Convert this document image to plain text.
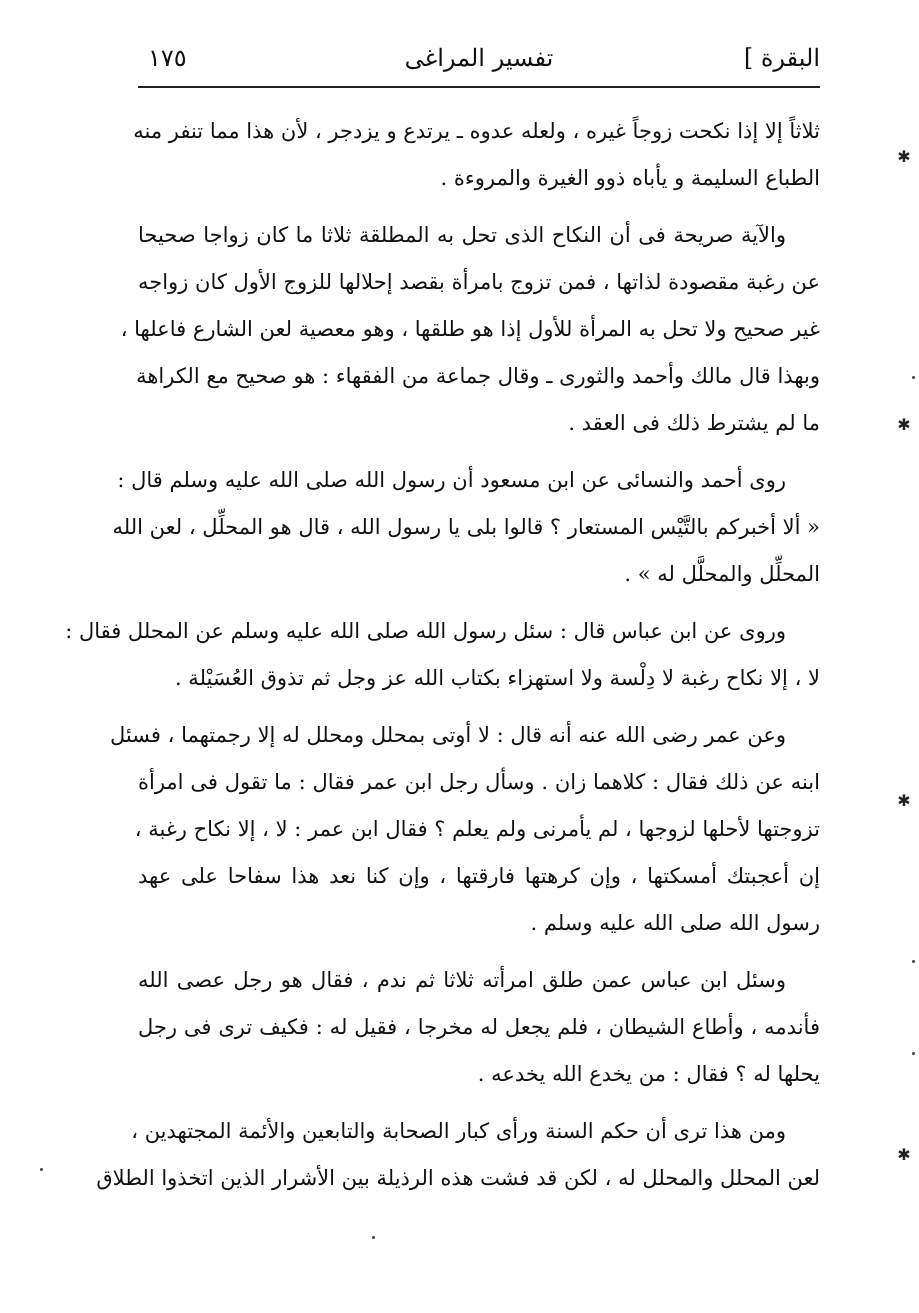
البقرة ]
تفسير المراغى
١٧٥
ثلاثاً إلا إذا نكحت زوجاً غيره ، ولعله عدوه ـ يرتدع و يزدجر ، لأن هذا مما تنفر منه
الطباع السليمة و يأباه ذوو الغيرة والمروءة .
والآية صريحة فى أن النكاح الذى تحل به المطلقة ثلاثا ما كان زواجا صحيحا
عن رغبة مقصودة لذاتها ، فمن تزوج بامرأة بقصد إحلالها للزوج الأول كان زواجه
غير صحيح ولا تحل به المرأة للأول إذا هو طلقها ، وهو معصية لعن الشارع فاعلها ،
وبهذا قال مالك وأحمد والثورى ـ وقال جماعة من الفقهاء : هو صحيح مع الكراهة
ما لم يشترط ذلك فى العقد .
روى أحمد والنسائى عن ابن مسعود أن رسول الله صلى الله عليه وسلم قال :
« ألا أخبركم بالتَّيْس المستعار ؟ قالوا بلى يا رسول الله ، قال هو المحلِّل ، لعن الله
المحلِّل والمحلَّل له » .
وروى عن ابن عباس قال : سئل رسول الله صلى الله عليه وسلم عن المحلل فقال :
لا ، إلا نكاح رغبة لا دِلْسة ولا استهزاء بكتاب الله عز وجل ثم تذوق العُسَيْلة .
وعن عمر رضى الله عنه أنه قال : لا أوتى بمحلل ومحلل له إلا رجمتهما ، فسئل
ابنه عن ذلك فقال : كلاهما زان . وسأل رجل ابن عمر فقال : ما تقول فى امرأة
تزوجتها لأحلها لزوجها ، لم يأمرنى ولم يعلم ؟ فقال ابن عمر : لا ، إلا نكاح رغبة ،
إن أعجبتك أمسكتها ، وإن كرهتها فارقتها ، وإن كنا نعد هذا سفاحا على عهد
رسول الله صلى الله عليه وسلم .
وسئل ابن عباس عمن طلق امرأته ثلاثا ثم ندم ، فقال هو رجل عصى الله
فأندمه ، وأطاع الشيطان ، فلم يجعل له مخرجا ، فقيل له : فكيف ترى فى رجل
يحلها له ؟ فقال : من يخدع الله يخدعه .
ومن هذا ترى أن حكم السنة ورأى كبار الصحابة والتابعين والأئمة المجتهدين ،
لعن المحلل والمحلل له ، لكن قد فشت هذه الرذيلة بين الأشرار الذين اتخذوا الطلاق
✱
✱
✱
✱
